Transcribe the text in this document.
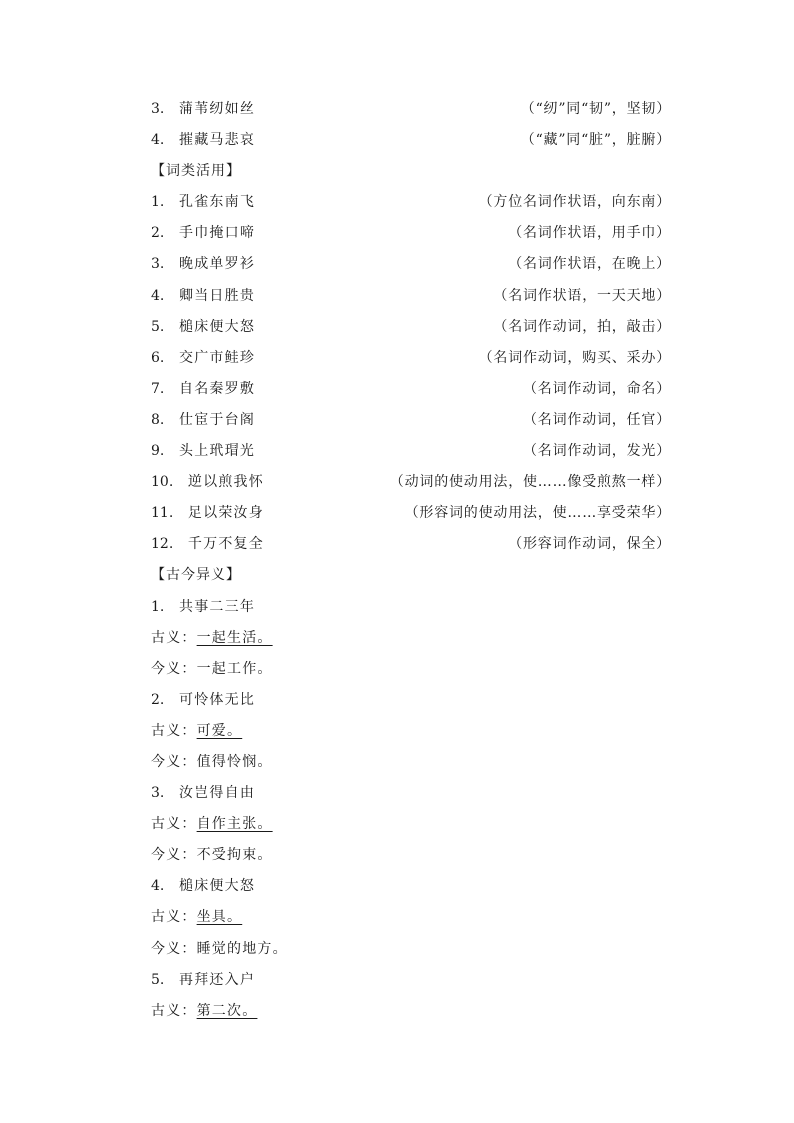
3. 蒲苇纫如丝	（“纫”同“韧”，坚韧）
4. 摧藏马悲哀	（“藏”同“脏”，脏腑）
【词类活用】
1. 孔雀东南飞	（方位名词作状语，向东南）
2. 手巾掩口啼	（名词作状语，用手巾）
3. 晚成单罗衫	（名词作状语，在晚上）
4. 卿当日胜贵	（名词作状语，一天天地）
5. 槌床便大怒	（名词作动词，拍，敲击）
6. 交广市鲑珍	（名词作动词，购买、采办）
7. 自名秦罗敷	（名词作动词，命名）
8. 仕宦于台阁	（名词作动词，任官）
9. 头上玳瑁光	（名词作动词，发光）
10. 逆以煎我怀	（动词的使动用法，使……像受煎熬一样）
11. 足以荣汝身	（形容词的使动用法，使……享受荣华）
12. 千万不复全	（形容词作动词，保全）
【古今异义】
1. 共事二三年
古义：一起生活。
今义：一起工作。
2. 可怜体无比
古义：可爱。
今义：值得怜悯。
3. 汝岂得自由
古义：自作主张。
今义：不受拘束。
4. 槌床便大怒
古义：坐具。
今义：睡觉的地方。
5. 再拜还入户
古义：第二次。
